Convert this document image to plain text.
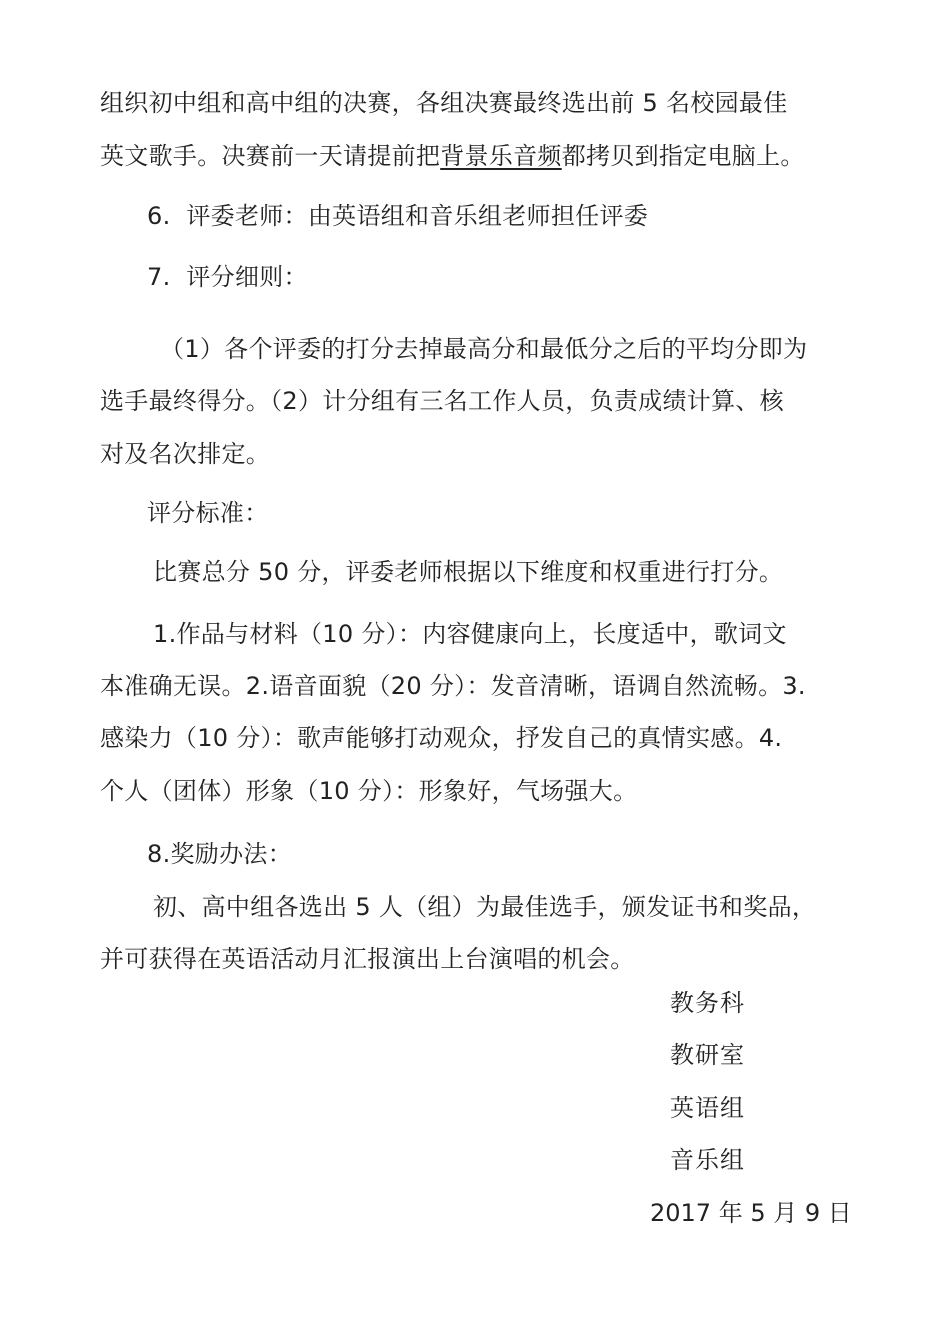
组织初中组和高中组的决赛，各组决赛最终选出前 5 名校园最佳
英文歌手。决赛前一天请提前把背景乐音频都拷贝到指定电脑上。
6.  评委老师：由英语组和音乐组老师担任评委
7.  评分细则：
（1）各个评委的打分去掉最高分和最低分之后的平均分即为
选手最终得分。（2）计分组有三名工作人员，负责成绩计算、核
对及名次排定。
评分标准：
比赛总分 50 分，评委老师根据以下维度和权重进行打分。
1.作品与材料（10 分）：内容健康向上，长度适中，歌词文
本准确无误。2.语音面貌（20 分）：发音清晰，语调自然流畅。3.
感染力（10 分）：歌声能够打动观众，抒发自己的真情实感。4.
个人（团体）形象（10 分）：形象好，气场强大。
8.奖励办法：
初、高中组各选出 5 人（组）为最佳选手，颁发证书和奖品，
并可获得在英语活动月汇报演出上台演唱的机会。
教务科
教研室
英语组
音乐组
2017 年 5 月 9 日
